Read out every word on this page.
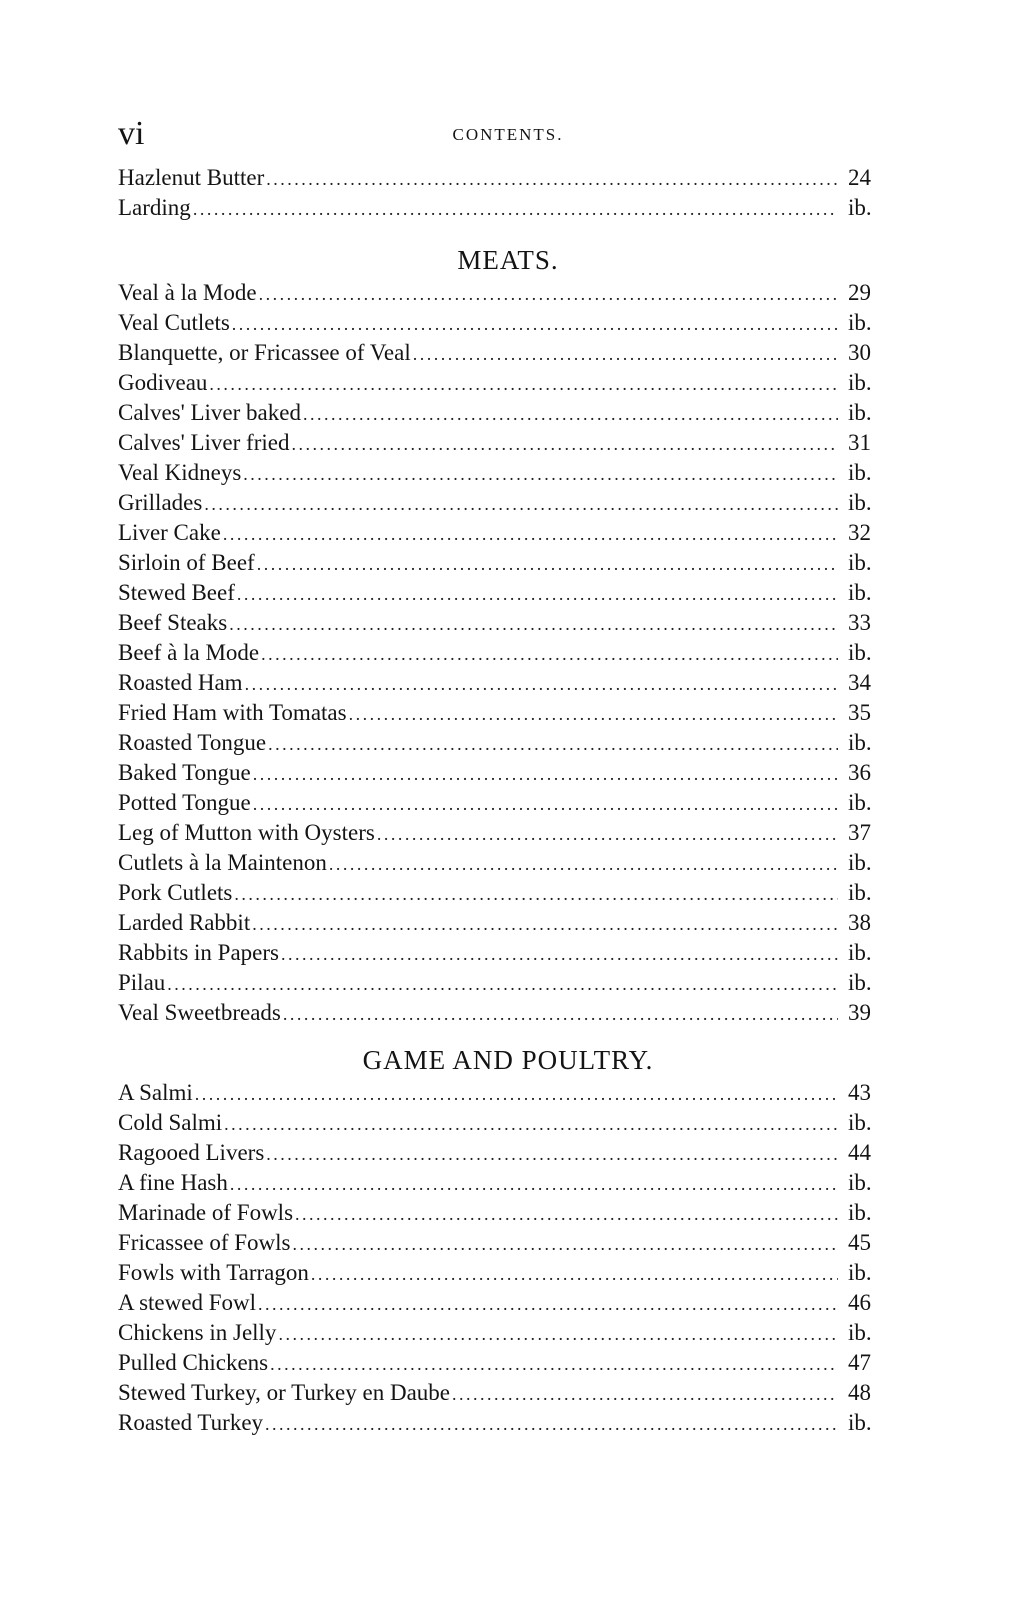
vi	CONTENTS.
Hazlenut Butter . . .	24
Larding . . .	ib.
MEATS.
Veal à la Mode . . .	29
Veal Cutlets . . .	ib.
Blanquette, or Fricassee of Veal . . .	30
Godiveau . . .	ib.
Calves' Liver baked . . .	ib.
Calves' Liver fried . . .	31
Veal Kidneys . . .	ib.
Grillades . . .	ib.
Liver Cake . . .	32
Sirloin of Beef . . .	ib.
Stewed Beef . . .	ib.
Beef Steaks . . .	33
Beef à la Mode . . .	ib.
Roasted Ham . . .	34
Fried Ham with Tomatas . . .	35
Roasted Tongue . . .	ib.
Baked Tongue . . .	36
Potted Tongue . . .	ib.
Leg of Mutton with Oysters . . .	37
Cutlets à la Maintenon . . .	ib.
Pork Cutlets . . .	ib.
Larded Rabbit . . .	38
Rabbits in Papers . . .	ib.
Pilau . . .	ib.
Veal Sweetbreads . . .	39
GAME AND POULTRY.
A Salmi . . .	43
Cold Salmi . . .	ib.
Ragooed Livers . . .	44
A fine Hash . . .	ib.
Marinade of Fowls . . .	ib.
Fricassee of Fowls . . .	45
Fowls with Tarragon . . .	ib.
A stewed Fowl . . .	46
Chickens in Jelly . . .	ib.
Pulled Chickens . . .	47
Stewed Turkey, or Turkey en Daube . . .	48
Roasted Turkey . . .	ib.
